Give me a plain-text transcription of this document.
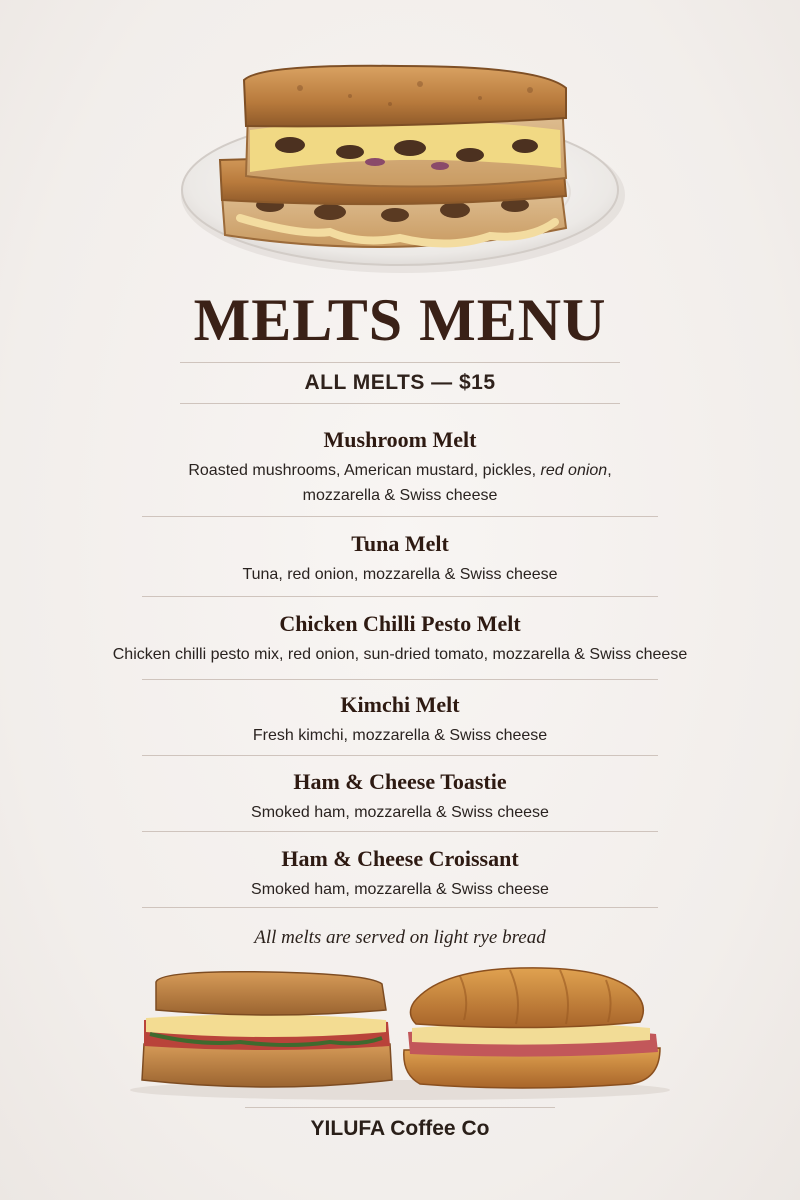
MELTS MENU
ALL MELTS — $15
Mushroom Melt
Roasted mushrooms, American mustard, pickles, red onion,
mozzarella & Swiss cheese
Tuna Melt
Tuna, red onion, mozzarella & Swiss cheese
Chicken Chilli Pesto Melt
Chicken chilli pesto mix, red onion, sun-dried tomato, mozzarella & Swiss cheese
Kimchi Melt
Fresh kimchi, mozzarella & Swiss cheese
Ham & Cheese Toastie
Smoked ham, mozzarella & Swiss cheese
Ham & Cheese Croissant
Smoked ham, mozzarella & Swiss cheese
All melts are served on light rye bread
YILUFA Coffee Co
